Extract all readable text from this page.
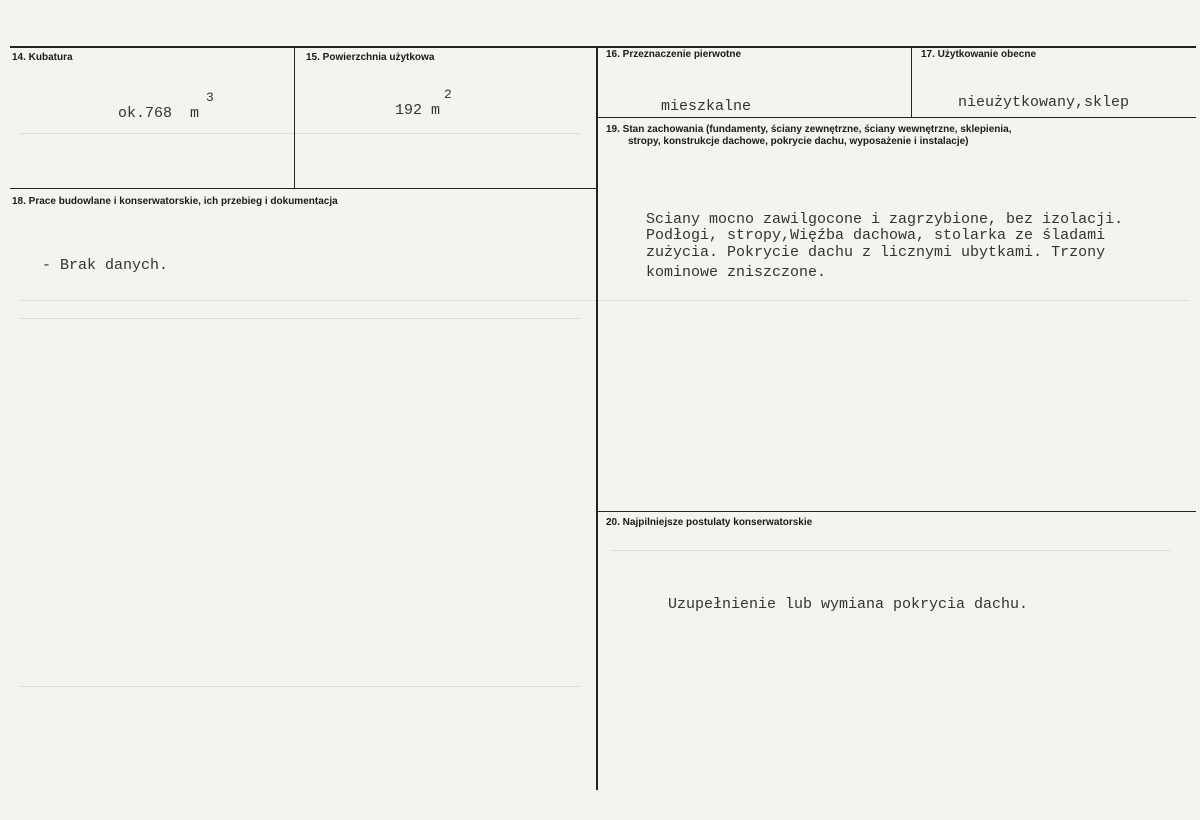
14. Kubatura
3
ok.768  m
15. Powierzchnia użytkowa
2
192 m
16. Przeznaczenie pierwotne
mieszkalne
17. Użytkowanie obecne
nieużytkowany,sklep
18. Prace budowlane i konserwatorskie, ich przebieg i dokumentacja
- Brak danych.
19. Stan zachowania (fundamenty, ściany zewnętrzne, ściany wewnętrzne, sklepienia,
stropy, konstrukcje dachowe, pokrycie dachu, wyposażenie i instalacje)
Sciany mocno zawilgocone i zagrzybione, bez izolacji.
Podłogi, stropy,Więźba dachowa, stolarka ze śladami
zużycia. Pokrycie dachu z licznymi ubytkami. Trzony
kominowe zniszczone.
20. Najpilniejsze postulaty konserwatorskie
Uzupełnienie lub wymiana pokrycia dachu.
